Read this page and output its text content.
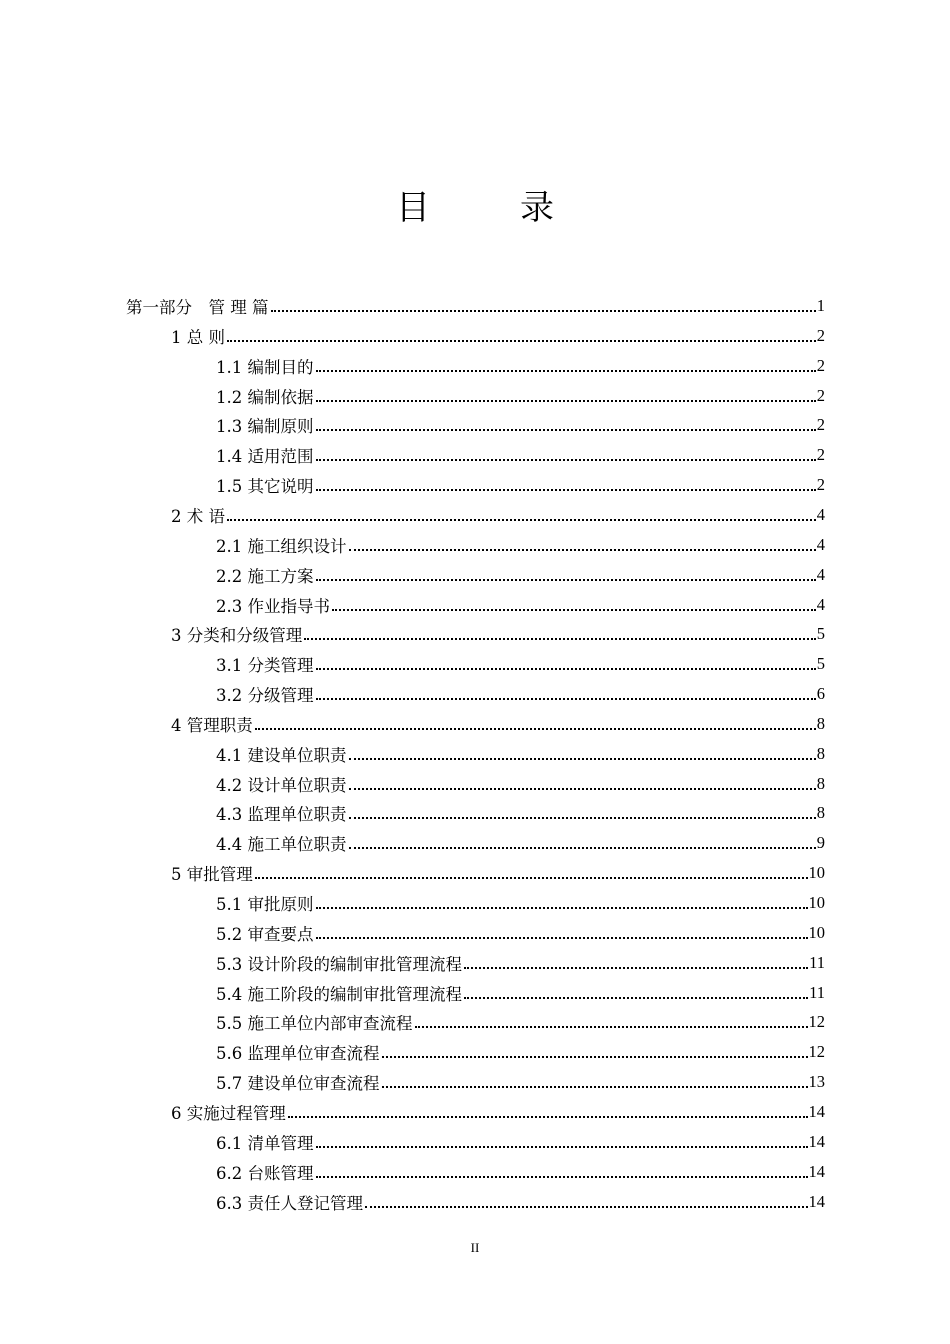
目　录
第一部分　管 理 篇	1
1 总 则	2
1.1 编制目的	2
1.2 编制依据	2
1.3 编制原则	2
1.4 适用范围	2
1.5 其它说明	2
2 术 语	4
2.1 施工组织设计	4
2.2 施工方案	4
2.3 作业指导书	4
3 分类和分级管理	5
3.1 分类管理	5
3.2 分级管理	6
4 管理职责	8
4.1 建设单位职责	8
4.2 设计单位职责	8
4.3 监理单位职责	8
4.4 施工单位职责	9
5 审批管理	10
5.1 审批原则	10
5.2 审查要点	10
5.3 设计阶段的编制审批管理流程	11
5.4 施工阶段的编制审批管理流程	11
5.5 施工单位内部审查流程	12
5.6 监理单位审查流程	12
5.7 建设单位审查流程	13
6 实施过程管理	14
6.1 清单管理	14
6.2 台账管理	14
6.3 责任人登记管理	14
II
